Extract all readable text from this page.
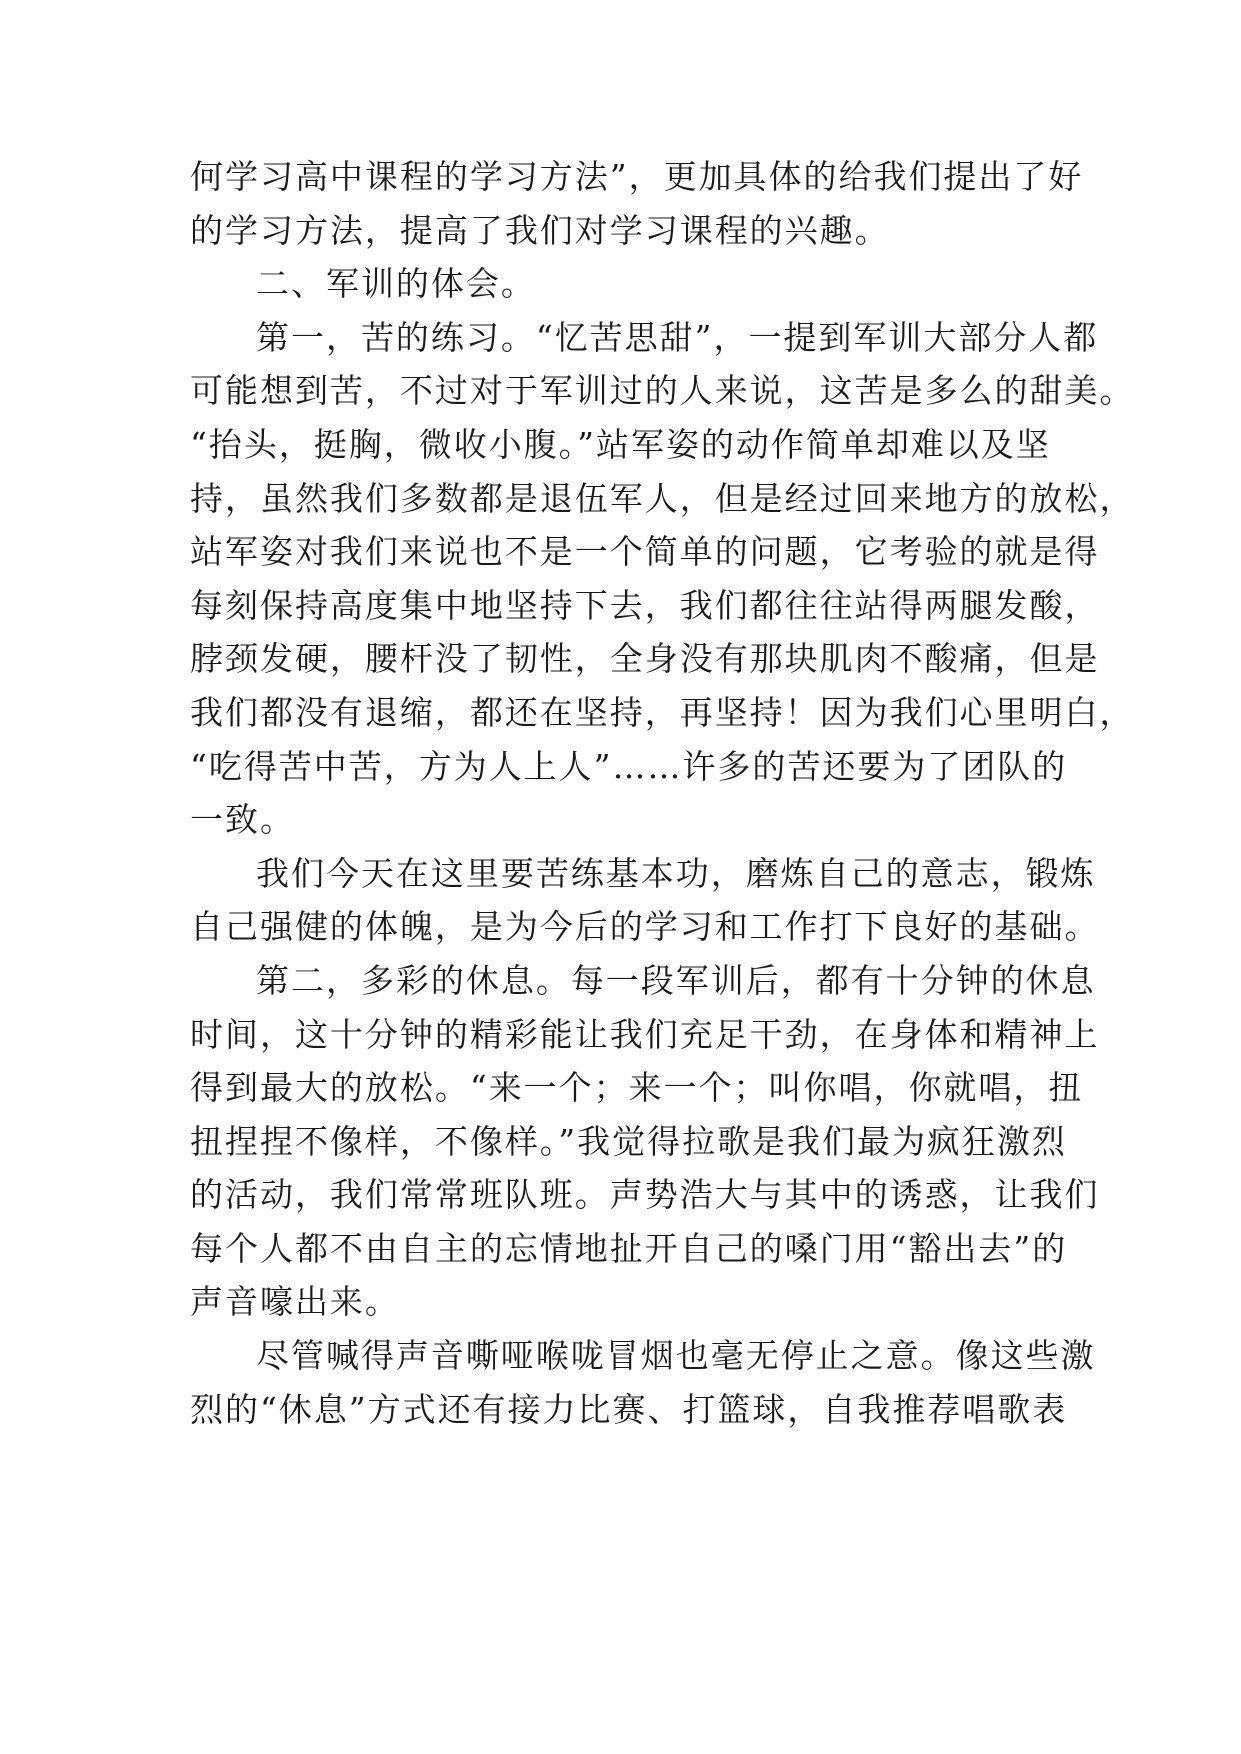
何学习高中课程的学习方法”，更加具体的给我们提出了好
的学习方法，提高了我们对学习课程的兴趣。
二、军训的体会。
第一，苦的练习。“忆苦思甜”，一提到军训大部分人都
可能想到苦，不过对于军训过的人来说，这苦是多么的甜美。
“抬头，挺胸，微收小腹。”站军姿的动作简单却难以及坚
持，虽然我们多数都是退伍军人，但是经过回来地方的放松，
站军姿对我们来说也不是一个简单的问题，它考验的就是得
每刻保持高度集中地坚持下去，我们都往往站得两腿发酸，
脖颈发硬，腰杆没了韧性，全身没有那块肌肉不酸痛，但是
我们都没有退缩，都还在坚持，再坚持！因为我们心里明白，
“吃得苦中苦，方为人上人”……许多的苦还要为了团队的
一致。
我们今天在这里要苦练基本功，磨炼自己的意志，锻炼
自己强健的体魄，是为今后的学习和工作打下良好的基础。
第二，多彩的休息。每一段军训后，都有十分钟的休息
时间，这十分钟的精彩能让我们充足干劲，在身体和精神上
得到最大的放松。“来一个；来一个；叫你唱，你就唱，扭
扭捏捏不像样，不像样。”我觉得拉歌是我们最为疯狂激烈
的活动，我们常常班队班。声势浩大与其中的诱惑，让我们
每个人都不由自主的忘情地扯开自己的嗓门用“豁出去”的
声音嚎出来。
尽管喊得声音嘶哑喉咙冒烟也毫无停止之意。像这些激
烈的“休息”方式还有接力比赛、打篮球，自我推荐唱歌表
